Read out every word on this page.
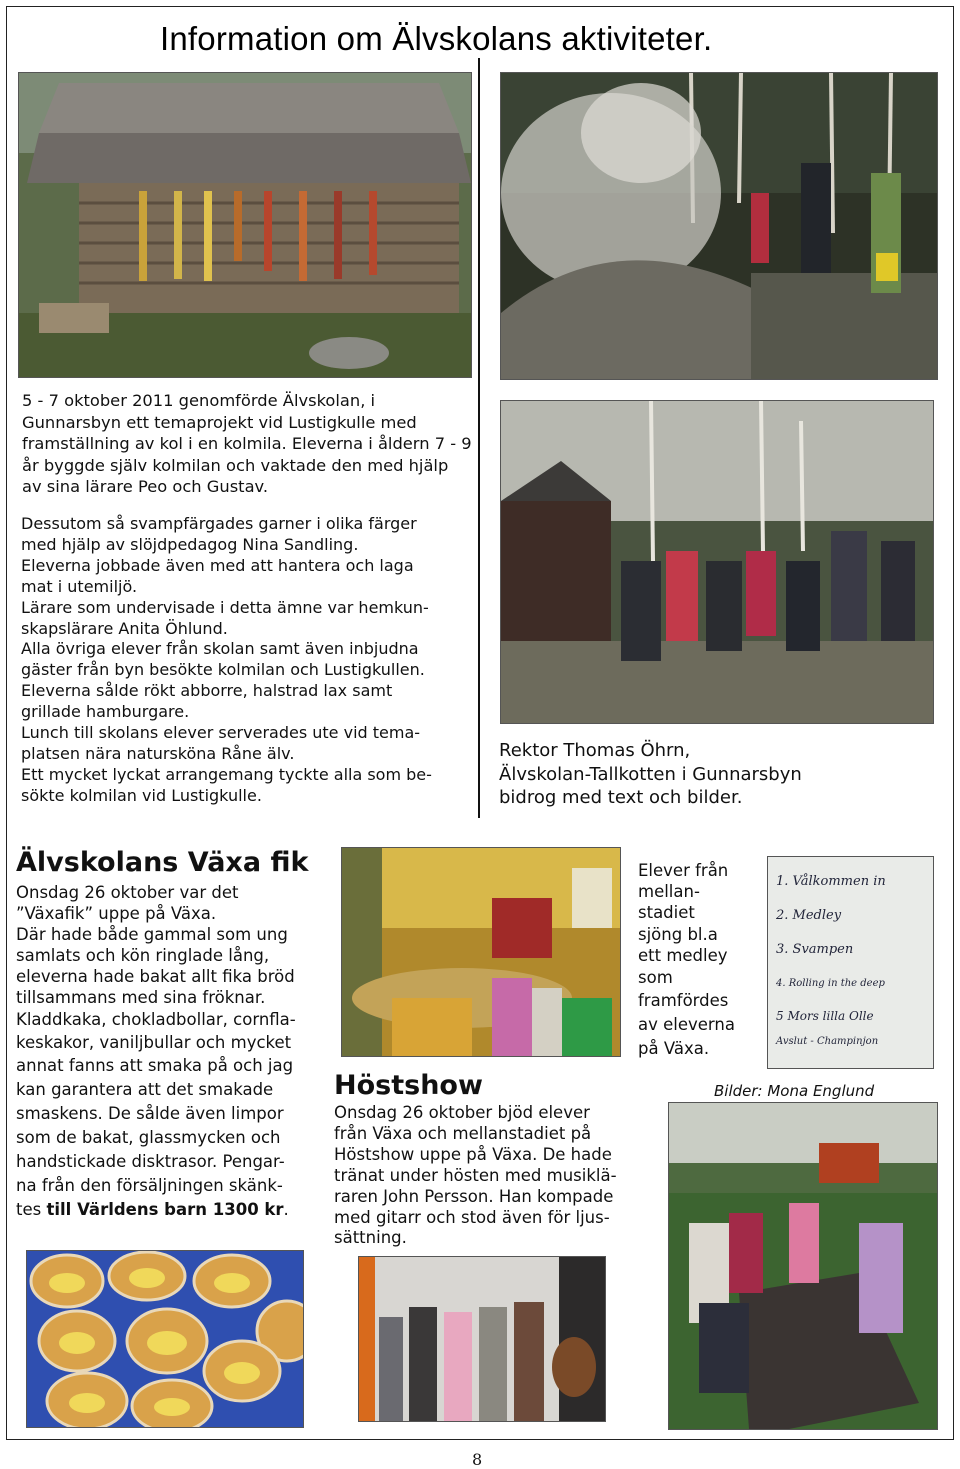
Information om Älvskolans aktiviteter.

5 - 7 oktober 2011 genomförde Älvskolan, i Gunnarsbyn ett temaprojekt vid Lustigkulle med framställning av kol i en kolmila. Eleverna i åldern 7 - 9 år byggde själv kolmilan och vaktade den med hjälp av sina lärare Peo och Gustav.

Dessutom så svampfärgades garner i olika färger
med hjälp av slöjdpedagog Nina Sandling.
Eleverna jobbade även med att hantera och laga
mat i utemiljö.
Lärare som undervisade i detta ämne var hemkun-
skapslärare Anita Öhlund.
Alla övriga elever från skolan samt även inbjudna
gäster från byn besökte kolmilan och Lustigkullen.
Eleverna sålde rökt abborre, halstrad lax samt
grillade hamburgare.
Lunch till skolans elever serverades ute vid tema-
platsen nära natursköna Råne älv.
Ett mycket lyckat arrangemang tyckte alla som be-
sökte kolmilan vid Lustigkulle.
Rektor Thomas Öhrn,
Älvskolan-Tallkotten i Gunnarsbyn
bidrog med text och bilder.
Älvskolans Växa fik
Onsdag 26 oktober var det
”Växafik” uppe på Växa.
Där hade både gammal som ung
samlats och kön ringlade lång,
eleverna hade bakat allt fika bröd
tillsammans med sina fröknar.
Kladdkaka, chokladbollar, cornfla-
keskakor, vaniljbullar och mycket
annat fanns att smaka på och jag
kan garantera att det smakade
smaskens. De sålde även limpor
som de bakat, glassmycken och
handstickade disktrasor. Pengar-
na från den försäljningen skänk-
tes till Världens barn 1300 kr.
Elever från
mellan-
stadiet
sjöng bl.a
ett medley
som
framfördes
av eleverna
på Växa.
1. Vålkommen in
2. Medley
3. Svampen
4. Rolling in the deep
5 Mors lilla Olle
Avslut - Champinjon
Höstshow
Onsdag 26 oktober bjöd elever
från Växa och mellanstadiet på
Höstshow uppe på Växa. De hade
tränat under hösten med musiklä-
raren John Persson. Han kompade
med gitarr och stod även för ljus-
sättning.
Bilder: Mona Englund
8
